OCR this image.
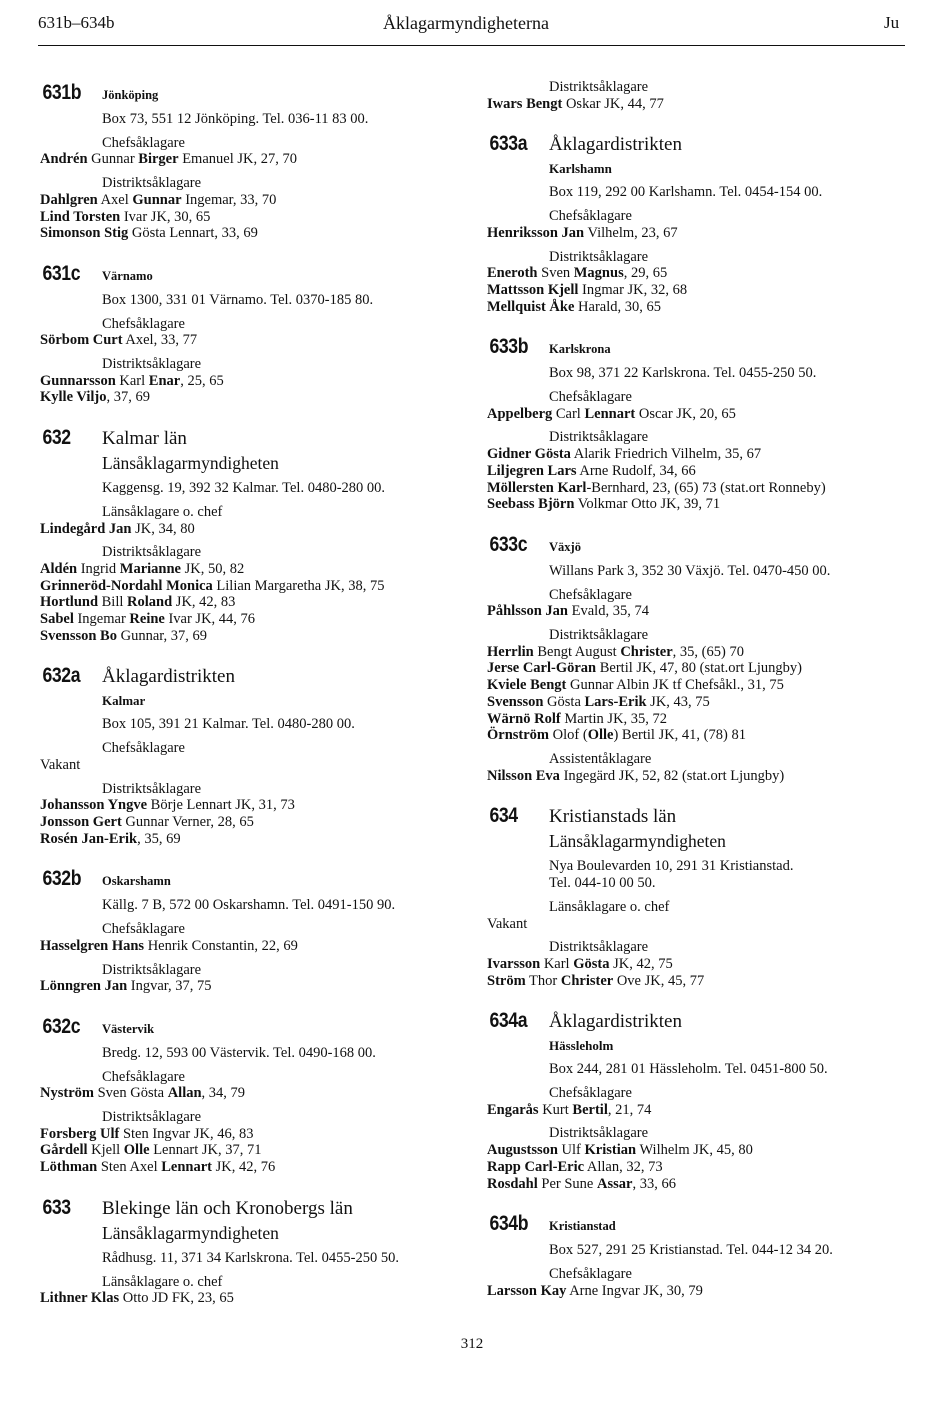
631b–634b	Åklagarmyndigheterna	Ju
631b	Jönköping
Box 73, 551 12 Jönköping. Tel. 036-11 83 00.
Chefsåklagare
Andrén Gunnar Birger Emanuel JK, 27, 70
Distriktsåklagare
Dahlgren Axel Gunnar Ingemar, 33, 70
Lind Torsten Ivar JK, 30, 65
Simonson Stig Gösta Lennart, 33, 69
631c	Värnamo
Box 1300, 331 01 Värnamo. Tel. 0370-185 80.
Chefsåklagare
Sörbom Curt Axel, 33, 77
Distriktsåklagare
Gunnarsson Karl Enar, 25, 65
Kylle Viljo, 37, 69
632	Kalmar län
Länsåklagarmyndigheten
Kaggensg. 19, 392 32 Kalmar. Tel. 0480-280 00.
Länsåklagare o. chef
Lindegård Jan JK, 34, 80
Distriktsåklagare
Aldén Ingrid Marianne JK, 50, 82
Grinneröd-Nordahl Monica Lilian Margaretha JK, 38, 75
Hortlund Bill Roland JK, 42, 83
Sabel Ingemar Reine Ivar JK, 44, 76
Svensson Bo Gunnar, 37, 69
632a	Åklagardistrikten
Kalmar
Box 105, 391 21 Kalmar. Tel. 0480-280 00.
Chefsåklagare
Vakant
Distriktsåklagare
Johansson Yngve Börje Lennart JK, 31, 73
Jonsson Gert Gunnar Verner, 28, 65
Rosén Jan-Erik, 35, 69
632b	Oskarshamn
Källg. 7 B, 572 00 Oskarshamn. Tel. 0491-150 90.
Chefsåklagare
Hasselgren Hans Henrik Constantin, 22, 69
Distriktsåklagare
Lönngren Jan Ingvar, 37, 75
632c	Västervik
Bredg. 12, 593 00 Västervik. Tel. 0490-168 00.
Chefsåklagare
Nyström Sven Gösta Allan, 34, 79
Distriktsåklagare
Forsberg Ulf Sten Ingvar JK, 46, 83
Gårdell Kjell Olle Lennart JK, 37, 71
Löthman Sten Axel Lennart JK, 42, 76
633	Blekinge län och Kronobergs län
Länsåklagarmyndigheten
Rådhusg. 11, 371 34 Karlskrona. Tel. 0455-250 50.
Länsåklagare o. chef
Lithner Klas Otto JD FK, 23, 65
Distriktsåklagare
Iwars Bengt Oskar JK, 44, 77
633a	Åklagardistrikten
Karlshamn
Box 119, 292 00 Karlshamn. Tel. 0454-154 00.
Chefsåklagare
Henriksson Jan Vilhelm, 23, 67
Distriktsåklagare
Eneroth Sven Magnus, 29, 65
Mattsson Kjell Ingmar JK, 32, 68
Mellquist Åke Harald, 30, 65
633b	Karlskrona
Box 98, 371 22 Karlskrona. Tel. 0455-250 50.
Chefsåklagare
Appelberg Carl Lennart Oscar JK, 20, 65
Distriktsåklagare
Gidner Gösta Alarik Friedrich Vilhelm, 35, 67
Liljegren Lars Arne Rudolf, 34, 66
Möllersten Karl-Bernhard, 23, (65) 73 (stat.ort Ronneby)
Seebass Björn Volkmar Otto JK, 39, 71
633c	Växjö
Willans Park 3, 352 30 Växjö. Tel. 0470-450 00.
Chefsåklagare
Påhlsson Jan Evald, 35, 74
Distriktsåklagare
Herrlin Bengt August Christer, 35, (65) 70
Jerse Carl-Göran Bertil JK, 47, 80 (stat.ort Ljungby)
Kviele Bengt Gunnar Albin JK tf Chefsåkl., 31, 75
Svensson Gösta Lars-Erik JK, 43, 75
Wärnö Rolf Martin JK, 35, 72
Örnström Olof (Olle) Bertil JK, 41, (78) 81
Assistentåklagare
Nilsson Eva Ingegärd JK, 52, 82 (stat.ort Ljungby)
634	Kristianstads län
Länsåklagarmyndigheten
Nya Boulevarden 10, 291 31 Kristianstad.
Tel. 044-10 00 50.
Länsåklagare o. chef
Vakant
Distriktsåklagare
Ivarsson Karl Gösta JK, 42, 75
Ström Thor Christer Ove JK, 45, 77
634a	Åklagardistrikten
Hässleholm
Box 244, 281 01 Hässleholm. Tel. 0451-800 50.
Chefsåklagare
Engarås Kurt Bertil, 21, 74
Distriktsåklagare
Augustsson Ulf Kristian Wilhelm JK, 45, 80
Rapp Carl-Eric Allan, 32, 73
Rosdahl Per Sune Assar, 33, 66
634b	Kristianstad
Box 527, 291 25 Kristianstad. Tel. 044-12 34 20.
Chefsåklagare
Larsson Kay Arne Ingvar JK, 30, 79
312
